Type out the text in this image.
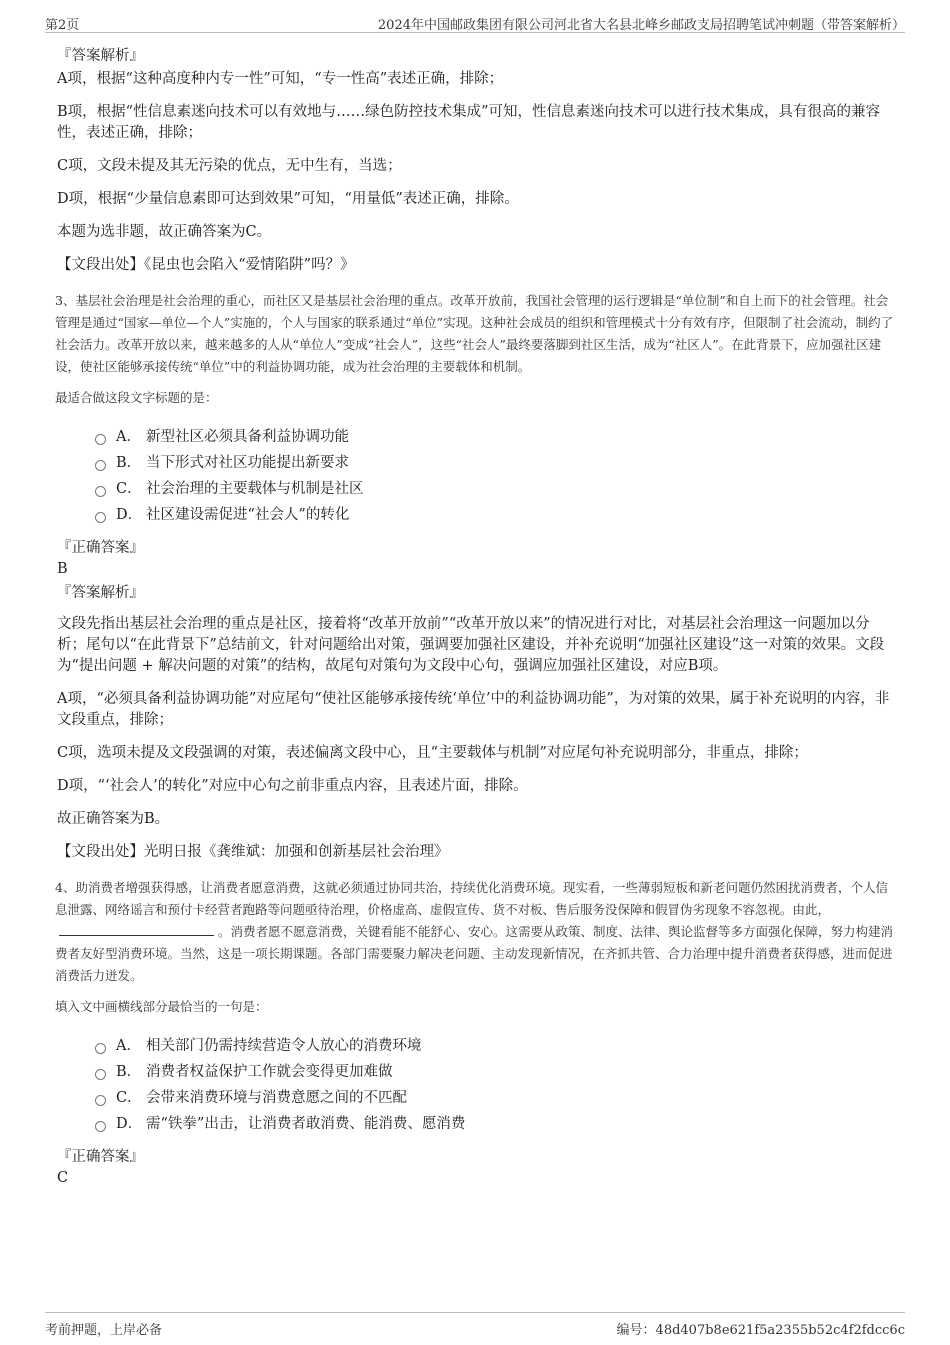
第2页	2024年中国邮政集团有限公司河北省大名县北峰乡邮政支局招聘笔试冲刺题（带答案解析）
『答案解析』

A项，根据“这种高度种内专一性”可知，“专一性高”表述正确，排除；

B项，根据“性信息素迷向技术可以有效地与……绿色防控技术集成”可知，性信息素迷向技术可以进行技术集成，具有很高的兼容性，表述正确，排除；

C项，文段未提及其无污染的优点，无中生有，当选；

D项，根据“少量信息素即可达到效果”可知，“用量低”表述正确，排除。

本题为选非题，故正确答案为C。

【文段出处】《昆虫也会陷入“爱情陷阱”吗？》

3、基层社会治理是社会治理的重心，而社区又是基层社会治理的重点。改革开放前，我国社会管理的运行逻辑是“单位制”和自上而下的社会管理。社会管理是通过“国家—单位—个人”实施的，个人与国家的联系通过“单位”实现。这种社会成员的组织和管理模式十分有效有序，但限制了社会流动，制约了社会活力。改革开放以来，越来越多的人从“单位人”变成“社会人”，这些“社会人”最终要落脚到社区生活，成为“社区人”。在此背景下，应加强社区建设，使社区能够承接传统“单位”中的利益协调功能，成为社会治理的主要载体和机制。
最适合做这段文字标题的是：
A． 新型社区必须具备利益协调功能
B． 当下形式对社区功能提出新要求
C． 社会治理的主要载体与机制是社区
D． 社区建设需促进“社会人”的转化
『正确答案』
B
『答案解析』

文段先指出基层社会治理的重点是社区，接着将“改革开放前”“改革开放以来”的情况进行对比，对基层社会治理这一问题加以分析；尾句以“在此背景下”总结前文，针对问题给出对策，强调要加强社区建设，并补充说明“加强社区建设”这一对策的效果。文段为“提出问题 + 解决问题的对策”的结构，故尾句对策句为文段中心句，强调应加强社区建设，对应B项。

A项，“必须具备利益协调功能”对应尾句“使社区能够承接传统‘单位’中的利益协调功能”，为对策的效果，属于补充说明的内容，非文段重点，排除；

C项，选项未提及文段强调的对策，表述偏离文段中心，且“主要载体与机制”对应尾句补充说明部分，非重点，排除；

D项，“‘社会人’的转化”对应中心句之前非重点内容，且表述片面，排除。

故正确答案为B。

【文段出处】光明日报《龚维斌：加强和创新基层社会治理》

4、助消费者增强获得感，让消费者愿意消费，这就必须通过协同共治，持续优化消费环境。现实看，一些薄弱短板和新老问题仍然困扰消费者，个人信息泄露、网络谣言和预付卡经营者跑路等问题亟待治理，价格虚高、虚假宣传、货不对板、售后服务没保障和假冒伪劣现象不容忽视。由此，。消费者愿不愿意消费，关键看能不能舒心、安心。这需要从政策、制度、法律、舆论监督等多方面强化保障，努力构建消费者友好型消费环境。当然，这是一项长期课题。各部门需要聚力解决老问题、主动发现新情况，在齐抓共管、合力治理中提升消费者获得感，进而促进消费活力迸发。
填入文中画横线部分最恰当的一句是：
A． 相关部门仍需持续营造令人放心的消费环境
B． 消费者权益保护工作就会变得更加难做
C． 会带来消费环境与消费意愿之间的不匹配
D． 需“铁拳”出击，让消费者敢消费、能消费、愿消费
『正确答案』
C
考前押题，上岸必备	编号：48d407b8e621f5a2355b52c4f2fdcc6c
